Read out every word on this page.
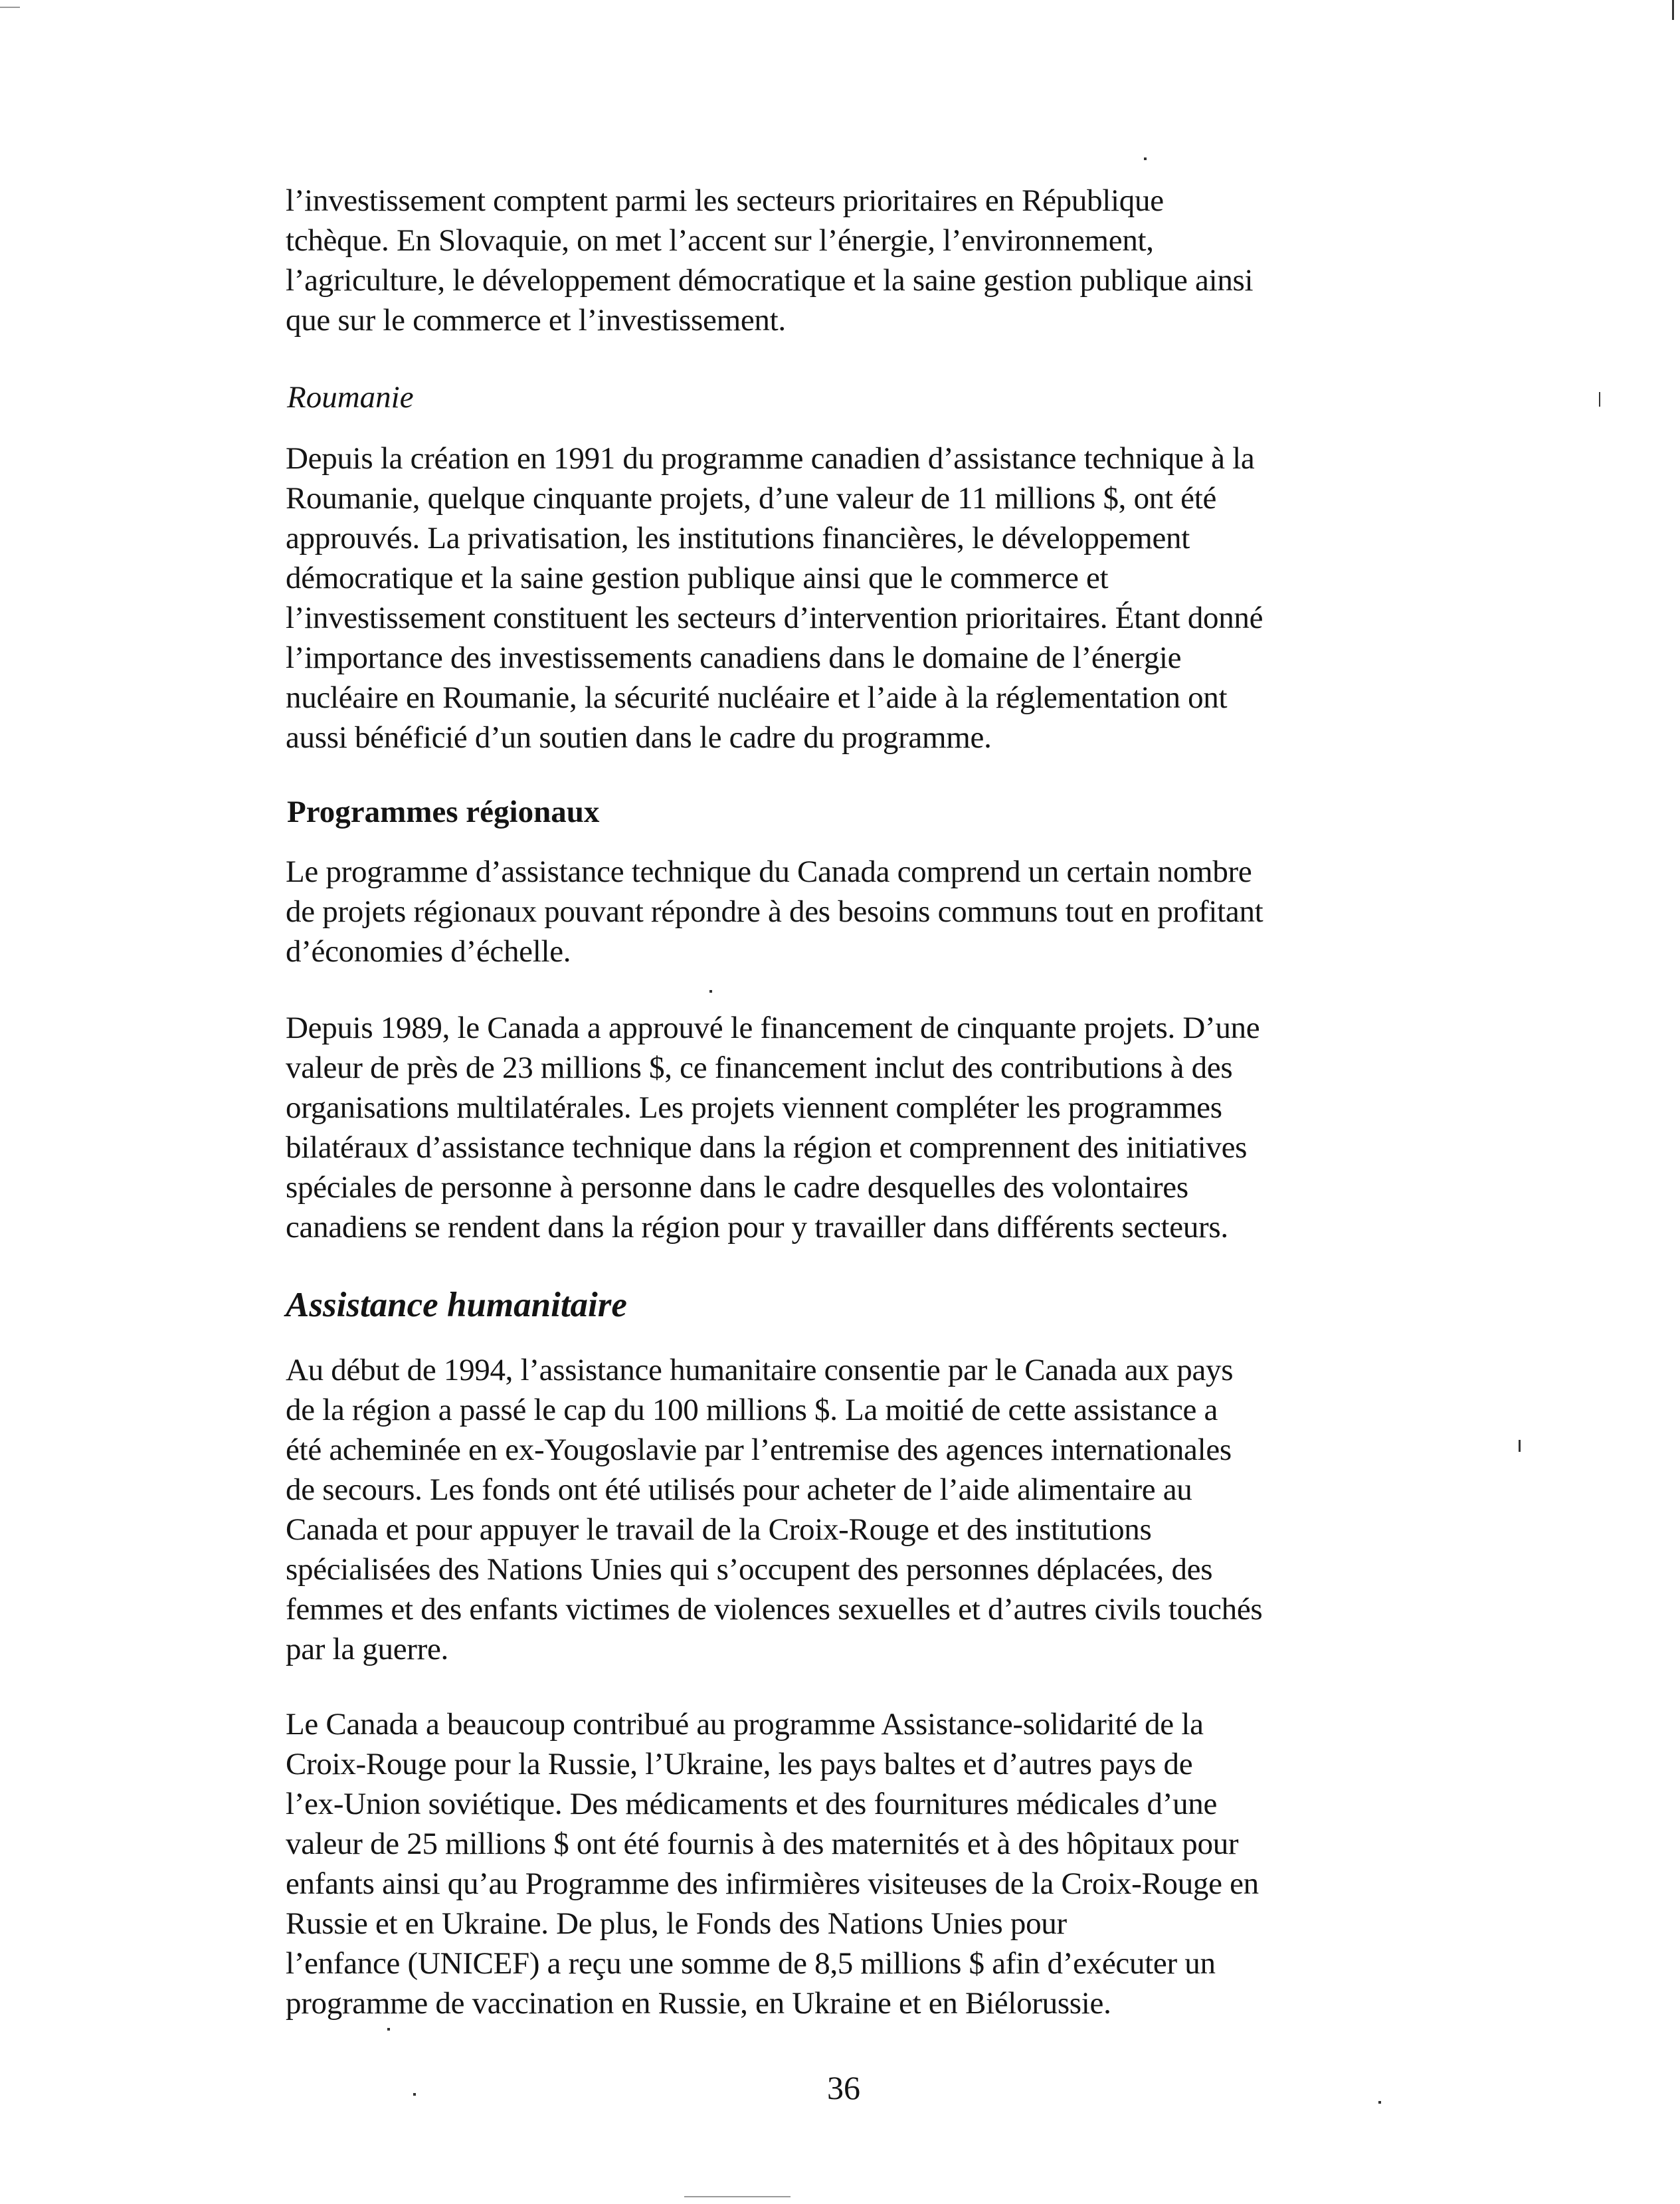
l’investissement comptent parmi les secteurs prioritaires en République
tchèque. En Slovaquie, on met l’accent sur l’énergie, l’environnement,
l’agriculture, le développement démocratique et la saine gestion publique ainsi
que sur le commerce et l’investissement.
Roumanie
Depuis la création en 1991 du programme canadien d’assistance technique à la
Roumanie, quelque cinquante projets, d’une valeur de 11 millions $, ont été
approuvés. La privatisation, les institutions financières, le développement
démocratique et la saine gestion publique ainsi que le commerce et
l’investissement constituent les secteurs d’intervention prioritaires. Étant donné
l’importance des investissements canadiens dans le domaine de l’énergie
nucléaire en Roumanie, la sécurité nucléaire et l’aide à la réglementation ont
aussi bénéficié d’un soutien dans le cadre du programme.
Programmes régionaux
Le programme d’assistance technique du Canada comprend un certain nombre
de projets régionaux pouvant répondre à des besoins communs tout en profitant
d’économies d’échelle.
Depuis 1989, le Canada a approuvé le financement de cinquante projets. D’une
valeur de près de 23 millions $, ce financement inclut des contributions à des
organisations multilatérales. Les projets viennent compléter les programmes
bilatéraux d’assistance technique dans la région et comprennent des initiatives
spéciales de personne à personne dans le cadre desquelles des volontaires
canadiens se rendent dans la région pour y travailler dans différents secteurs.
Assistance humanitaire
Au début de 1994, l’assistance humanitaire consentie par le Canada aux pays
de la région a passé le cap du 100 millions $. La moitié de cette assistance a
été acheminée en ex-Yougoslavie par l’entremise des agences internationales
de secours. Les fonds ont été utilisés pour acheter de l’aide alimentaire au
Canada et pour appuyer le travail de la Croix-Rouge et des institutions
spécialisées des Nations Unies qui s’occupent des personnes déplacées, des
femmes et des enfants victimes de violences sexuelles et d’autres civils touchés
par la guerre.
Le Canada a beaucoup contribué au programme Assistance-solidarité de la
Croix-Rouge pour la Russie, l’Ukraine, les pays baltes et d’autres pays de
l’ex-Union soviétique. Des médicaments et des fournitures médicales d’une
valeur de 25 millions $ ont été fournis à des maternités et à des hôpitaux pour
enfants ainsi qu’au Programme des infirmières visiteuses de la Croix-Rouge en
Russie et en Ukraine. De plus, le Fonds des Nations Unies pour
l’enfance (UNICEF) a reçu une somme de 8,5 millions $ afin d’exécuter un
programme de vaccination en Russie, en Ukraine et en Biélorussie.
36
